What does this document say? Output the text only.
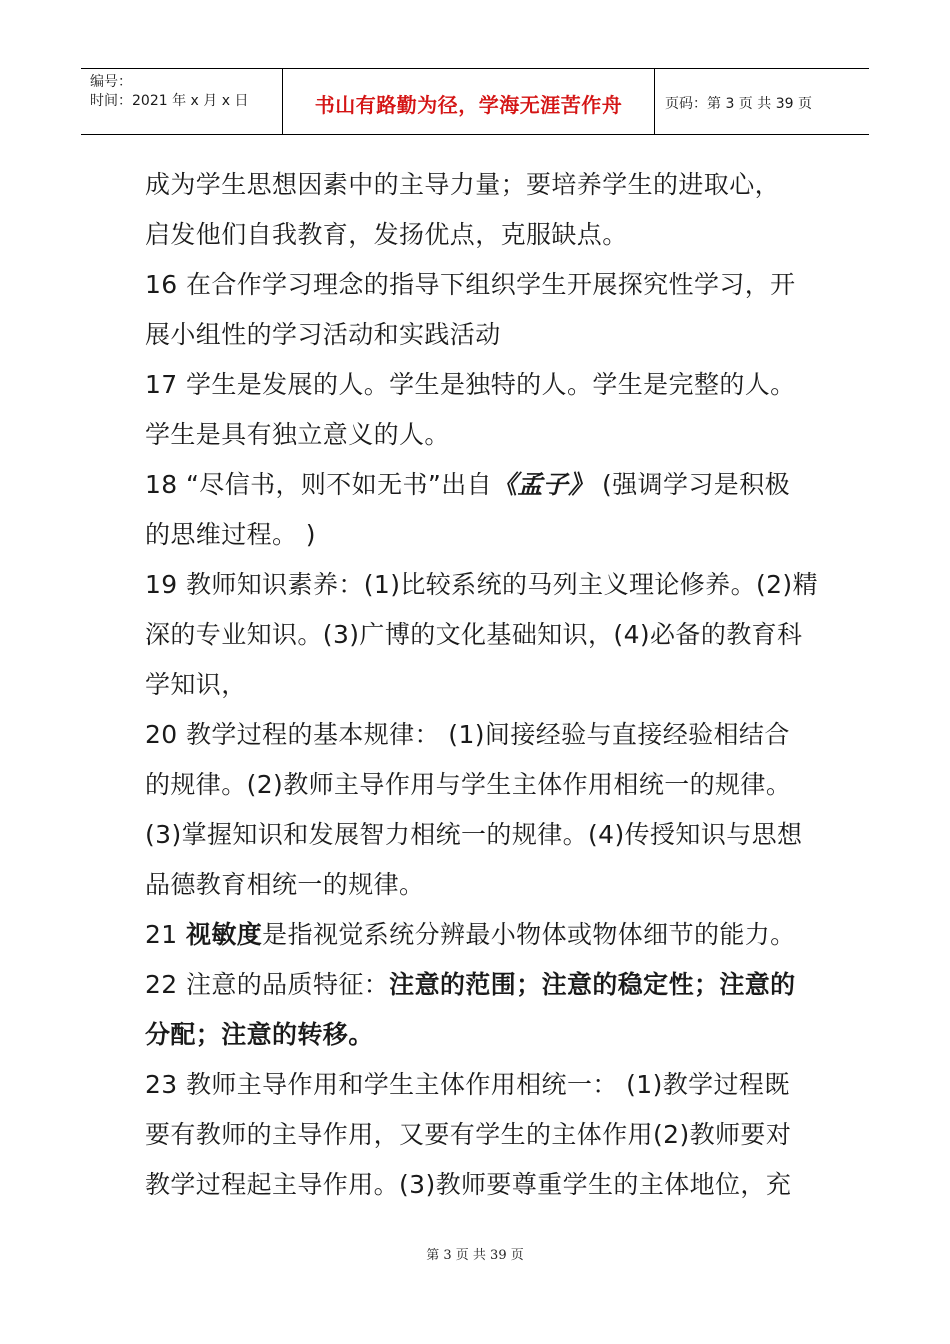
编号：
时间：2021 年 x 月 x 日	书山有路勤为径，学海无涯苦作舟	页码：第 3 页 共 39 页
成为学生思想因素中的主导力量；要培养学生的进取心，
启发他们自我教育，发扬优点，克服缺点。
16 在合作学习理念的指导下组织学生开展探究性学习，开
展小组性的学习活动和实践活动
17 学生是发展的人。学生是独特的人。学生是完整的人。
学生是具有独立意义的人。
18 “尽信书，则不如无书”出自《孟子》 (强调学习是积极
的思维过程。 )
19 教师知识素养：(1)比较系统的马列主义理论修养。(2)精
深的专业知识。(3)广博的文化基础知识，(4)必备的教育科
学知识，
20 教学过程的基本规律： (1)间接经验与直接经验相结合
的规律。(2)教师主导作用与学生主体作用相统一的规律。
(3)掌握知识和发展智力相统一的规律。(4)传授知识与思想
品德教育相统一的规律。
21 视敏度是指视觉系统分辨最小物体或物体细节的能力。
22 注意的品质特征：注意的范围；注意的稳定性；注意的
分配；注意的转移。
23 教师主导作用和学生主体作用相统一： (1)教学过程既
要有教师的主导作用，又要有学生的主体作用(2)教师要对
教学过程起主导作用。(3)教师要尊重学生的主体地位，充
第 3 页 共 39 页
